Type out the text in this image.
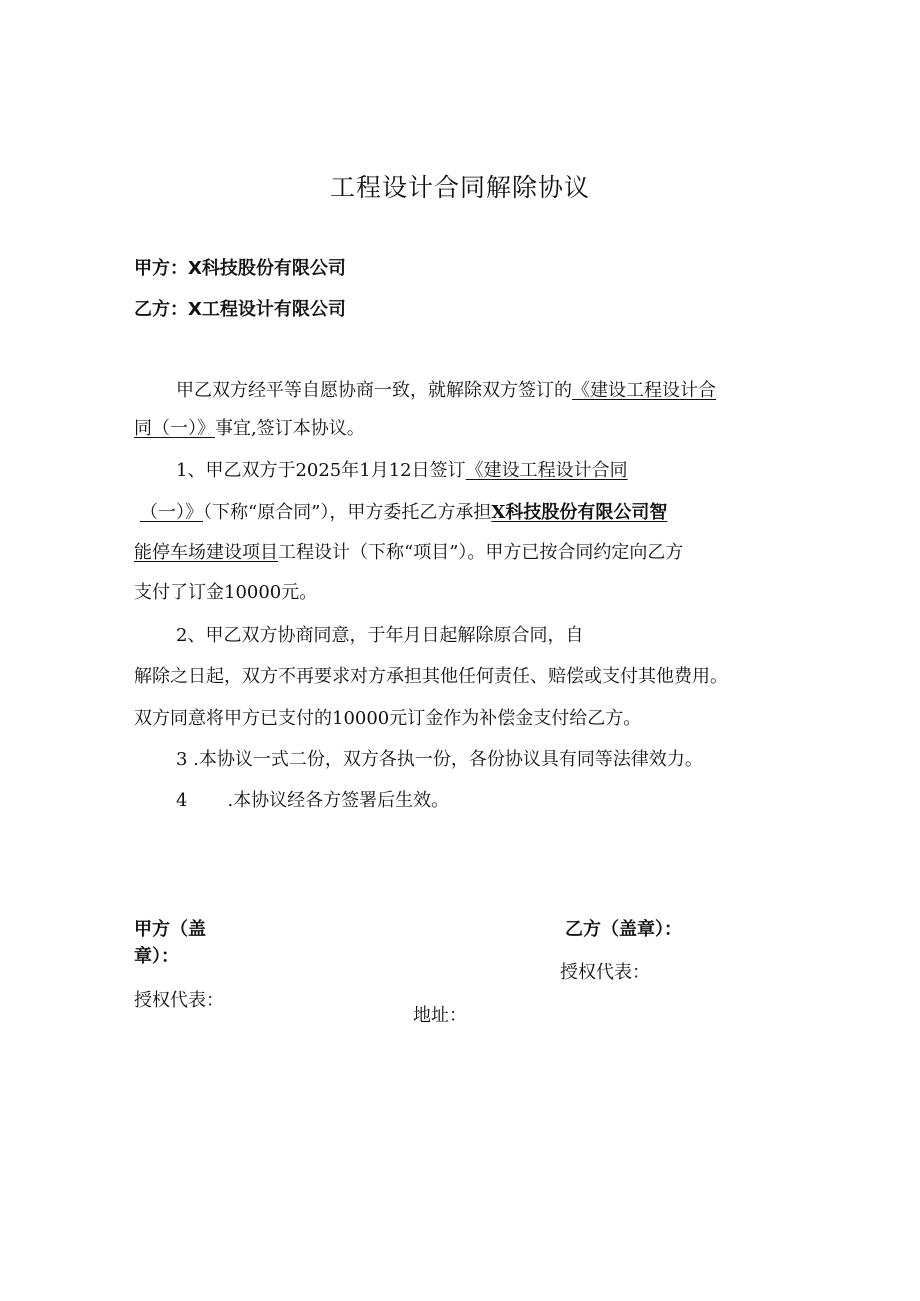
工程设计合同解除协议
甲方：X科技股份有限公司
乙方：X工程设计有限公司
甲乙双方经平等自愿协商一致，就解除双方签订的《建设工程设计合
同（一）》事宜,签订本协议。
1、甲乙双方于2025年1月12日签订《建设工程设计合同
（一）》（下称“原合同”），甲方委托乙方承担X科技股份有限公司智
能停车场建设项目工程设计（下称“项目”）。甲方已按合同约定向乙方
支付了订金10000元。
2、甲乙双方协商同意，于年月日起解除原合同，自
解除之日起，双方不再要求对方承担其他任何责任、赔偿或支付其他费用。
双方同意将甲方已支付的10000元订金作为补偿金支付给乙方。
3 .本协议一式二份，双方各执一份，各份协议具有同等法律效力。
4 .本协议经各方签署后生效。
甲方（盖
章）：
授权代表：
地址：
乙方（盖章）：
授权代表：
